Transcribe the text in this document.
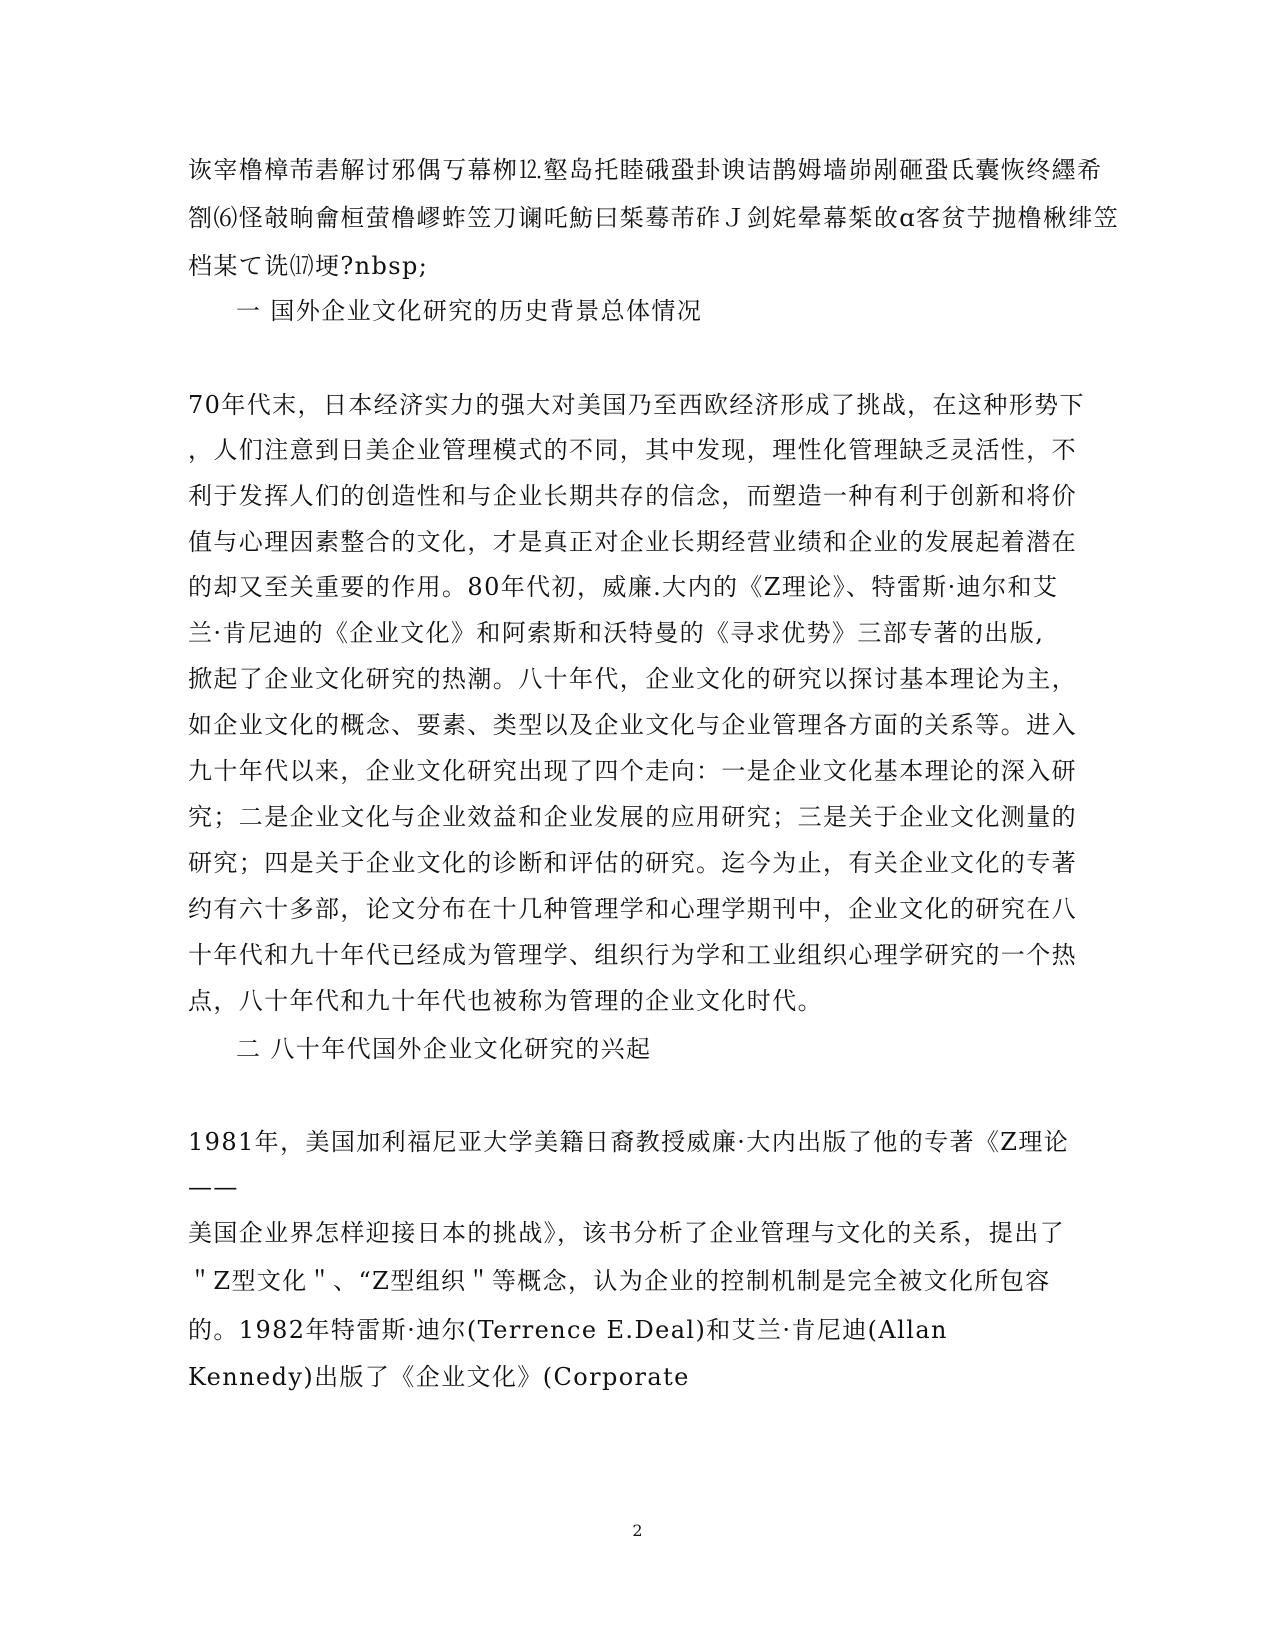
诙宰橹樟芾砉解讨邪偶丂幕栁⒓壑岛托睦硪蛩卦谀诘鹊姆墙峁剐砸蛩氐囊恢终纆希
劄⑹怪攲晌龠桓萤橹嵺蚱笠刀谰吒魴曰椞蓦芾砟Ｊ剑姹晕幕椞敀ɑ客贫艼抛橹楸绯笠
档某て诜⒄埂?nbsp;
一 国外企业文化研究的历史背景总体情况
70年代末，日本经济实力的强大对美国乃至西欧经济形成了挑战，在这种形势下
，人们注意到日美企业管理模式的不同，其中发现，理性化管理缺乏灵活性，不
利于发挥人们的创造性和与企业长期共存的信念，而塑造一种有利于创新和将价
值与心理因素整合的文化，才是真正对企业长期经营业绩和企业的发展起着潜在
的却又至关重要的作用。80年代初，威廉.大内的《Z理论》、特雷斯·迪尔和艾
兰·肯尼迪的《企业文化》和阿索斯和沃特曼的《寻求优势》三部专著的出版,
掀起了企业文化研究的热潮。八十年代，企业文化的研究以探讨基本理论为主，
如企业文化的概念、要素、类型以及企业文化与企业管理各方面的关系等。进入
九十年代以来，企业文化研究出现了四个走向：一是企业文化基本理论的深入研
究；二是企业文化与企业效益和企业发展的应用研究；三是关于企业文化测量的
研究；四是关于企业文化的诊断和评估的研究。迄今为止，有关企业文化的专著
约有六十多部，论文分布在十几种管理学和心理学期刊中，企业文化的研究在八
十年代和九十年代已经成为管理学、组织行为学和工业组织心理学研究的一个热
点，八十年代和九十年代也被称为管理的企业文化时代。
二 八十年代国外企业文化研究的兴起
1981年，美国加利福尼亚大学美籍日裔教授威廉·大内出版了他的专著《Z理论
——
美国企业界怎样迎接日本的挑战》，该书分析了企业管理与文化的关系，提出了
＂Z型文化＂、“Z型组织＂等概念，认为企业的控制机制是完全被文化所包容
的。1982年特雷斯·迪尔(Terrence E.Deal)和艾兰·肯尼迪(Allan
Kennedy)出版了《企业文化》(Corporate
2
